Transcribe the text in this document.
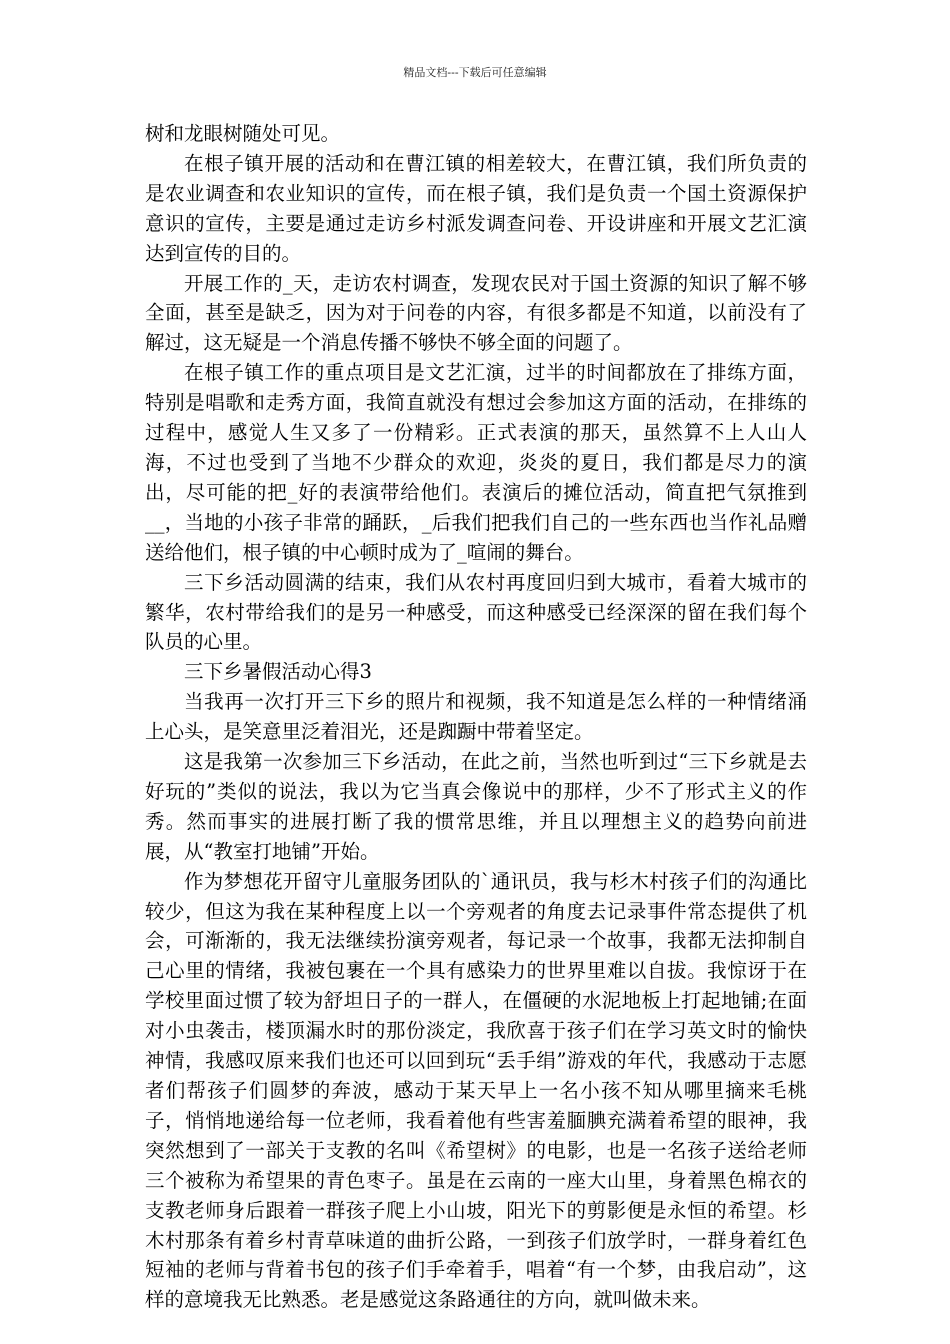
精品文档---下载后可任意编辑

树和龙眼树随处可见。

在根子镇开展的活动和在曹江镇的相差较大，在曹江镇，我们所负责的是农业调查和农业知识的宣传，而在根子镇，我们是负责一个国土资源保护意识的宣传，主要是通过走访乡村派发调查问卷、开设讲座和开展文艺汇演达到宣传的目的。

开展工作的_天，走访农村调查，发现农民对于国土资源的知识了解不够全面，甚至是缺乏，因为对于问卷的内容，有很多都是不知道，以前没有了解过，这无疑是一个消息传播不够快不够全面的问题了。

在根子镇工作的重点项目是文艺汇演，过半的时间都放在了排练方面，特别是唱歌和走秀方面，我简直就没有想过会参加这方面的活动，在排练的过程中，感觉人生又多了一份精彩。正式表演的那天，虽然算不上人山人海，不过也受到了当地不少群众的欢迎，炎炎的夏日，我们都是尽力的演出，尽可能的把_好的表演带给他们。表演后的摊位活动，简直把气氛推到__，当地的小孩子非常的踊跃，_后我们把我们自己的一些东西也当作礼品赠送给他们，根子镇的中心顿时成为了_喧闹的舞台。

三下乡活动圆满的结束，我们从农村再度回归到大城市，看着大城市的繁华，农村带给我们的是另一种感受，而这种感受已经深深的留在我们每个队员的心里。

三下乡暑假活动心得3

当我再一次打开三下乡的照片和视频，我不知道是怎么样的一种情绪涌上心头，是笑意里泛着泪光，还是踟蹰中带着坚定。

这是我第一次参加三下乡活动，在此之前，当然也听到过“三下乡就是去好玩的”类似的说法，我以为它当真会像说中的那样，少不了形式主义的作秀。然而事实的进展打断了我的惯常思维，并且以理想主义的趋势向前进展，从“教室打地铺”开始。

作为梦想花开留守儿童服务团队的`通讯员，我与杉木村孩子们的沟通比较少，但这为我在某种程度上以一个旁观者的角度去记录事件常态提供了机会，可渐渐的，我无法继续扮演旁观者，每记录一个故事，我都无法抑制自己心里的情绪，我被包裹在一个具有感染力的世界里难以自拔。我惊讶于在学校里面过惯了较为舒坦日子的一群人，在僵硬的水泥地板上打起地铺;在面对小虫袭击，楼顶漏水时的那份淡定，我欣喜于孩子们在学习英文时的愉快神情，我感叹原来我们也还可以回到玩“丢手绢”游戏的年代，我感动于志愿者们帮孩子们圆梦的奔波，感动于某天早上一名小孩不知从哪里摘来毛桃子，悄悄地递给每一位老师，我看着他有些害羞腼腆充满着希望的眼神，我突然想到了一部关于支教的名叫《希望树》的电影，也是一名孩子送给老师三个被称为希望果的青色枣子。虽是在云南的一座大山里，身着黑色棉衣的支教老师身后跟着一群孩子爬上小山坡，阳光下的剪影便是永恒的希望。杉木村那条有着乡村青草味道的曲折公路，一到孩子们放学时，一群身着红色短袖的老师与背着书包的孩子们手牵着手，唱着“有一个梦，由我启动”，这样的意境我无比熟悉。老是感觉这条路通往的方向，就叫做未来。
